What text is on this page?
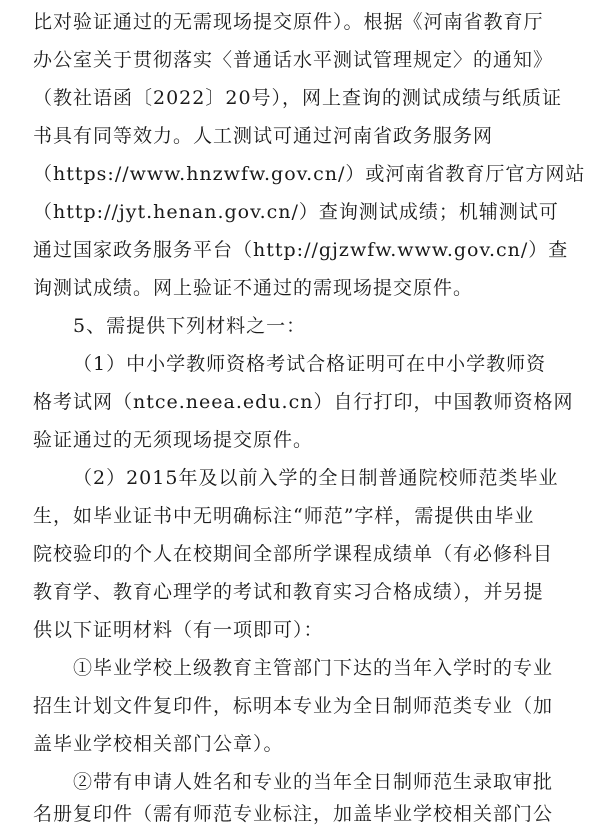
比对验证通过的无需现场提交原件）。根据《河南省教育厅
办公室关于贯彻落实〈普通话水平测试管理规定〉的通知》
（教社语函〔2022〕20号），网上查询的测试成绩与纸质证
书具有同等效力。人工测试可通过河南省政务服务网
（https://www.hnzwfw.gov.cn/）或河南省教育厅官方网站
（http://jyt.henan.gov.cn/）查询测试成绩；机辅测试可
通过国家政务服务平台（http://gjzwfw.www.gov.cn/）查
询测试成绩。网上验证不通过的需现场提交原件。
5、需提供下列材料之一：
（1）中小学教师资格考试合格证明可在中小学教师资
格考试网（ntce.neea.edu.cn）自行打印，中国教师资格网
验证通过的无须现场提交原件。
（2）2015年及以前入学的全日制普通院校师范类毕业
生，如毕业证书中无明确标注“师范”字样，需提供由毕业
院校验印的个人在校期间全部所学课程成绩单（有必修科目
教育学、教育心理学的考试和教育实习合格成绩），并另提
供以下证明材料（有一项即可）：
①毕业学校上级教育主管部门下达的当年入学时的专业
招生计划文件复印件，标明本专业为全日制师范类专业（加
盖毕业学校相关部门公章）。
②带有申请人姓名和专业的当年全日制师范生录取审批
名册复印件（需有师范专业标注，加盖毕业学校相关部门公
